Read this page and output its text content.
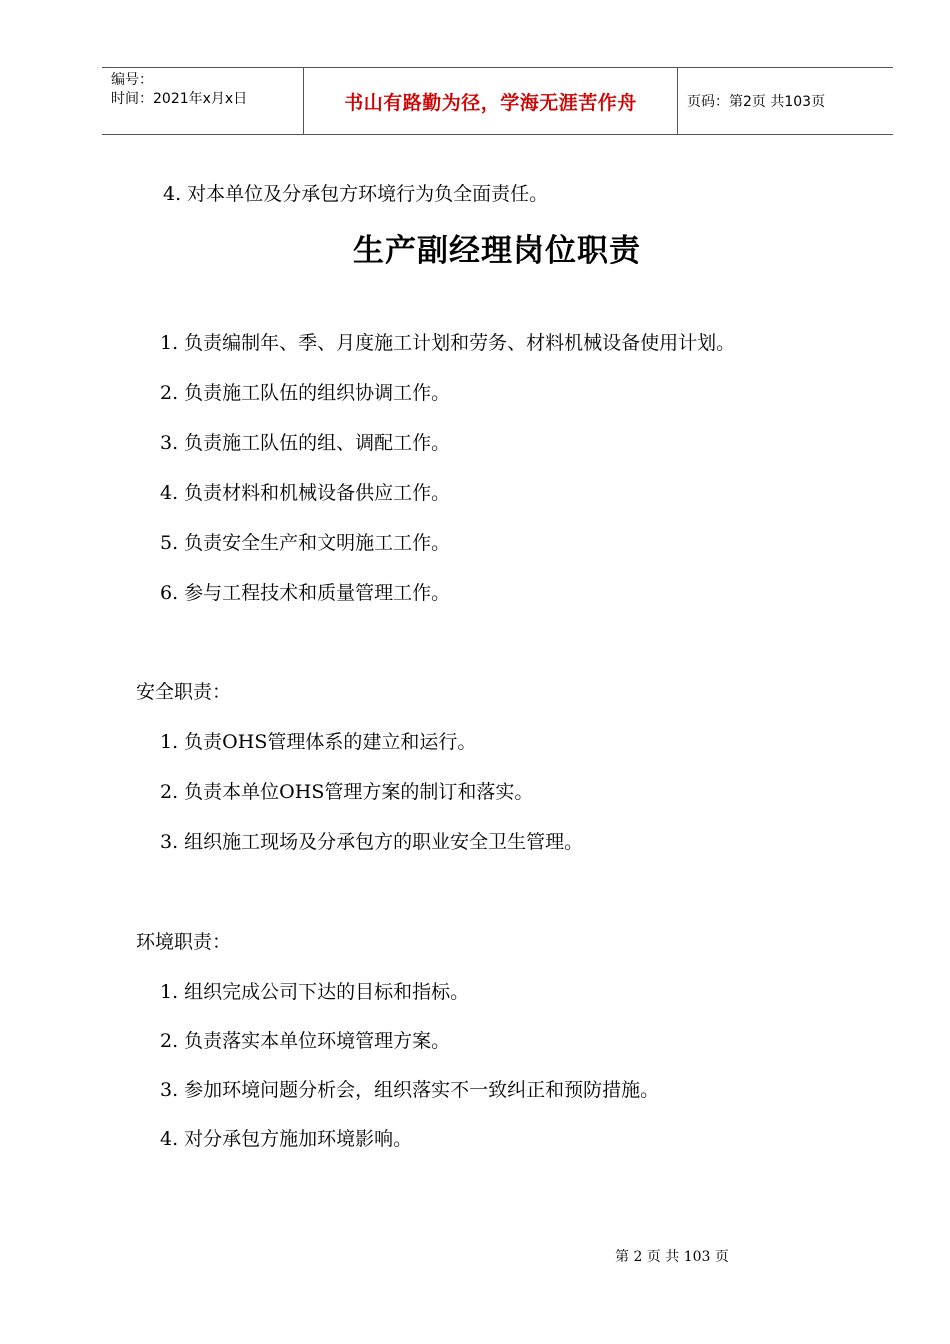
编号：
时间：2021年x月x日	书山有路勤为径，学海无涯苦作舟	页码：第2页 共103页
4. 对本单位及分承包方环境行为负全面责任。
生产副经理岗位职责
1. 负责编制年、季、月度施工计划和劳务、材料机械设备使用计划。
2. 负责施工队伍的组织协调工作。
3. 负责施工队伍的组、调配工作。
4. 负责材料和机械设备供应工作。
5. 负责安全生产和文明施工工作。
6. 参与工程技术和质量管理工作。
安全职责：
1. 负责OHS管理体系的建立和运行。
2. 负责本单位OHS管理方案的制订和落实。
3. 组织施工现场及分承包方的职业安全卫生管理。
环境职责：
1. 组织完成公司下达的目标和指标。
2. 负责落实本单位环境管理方案。
3. 参加环境问题分析会，组织落实不一致纠正和预防措施。
4. 对分承包方施加环境影响。
第 2 页 共 103 页
